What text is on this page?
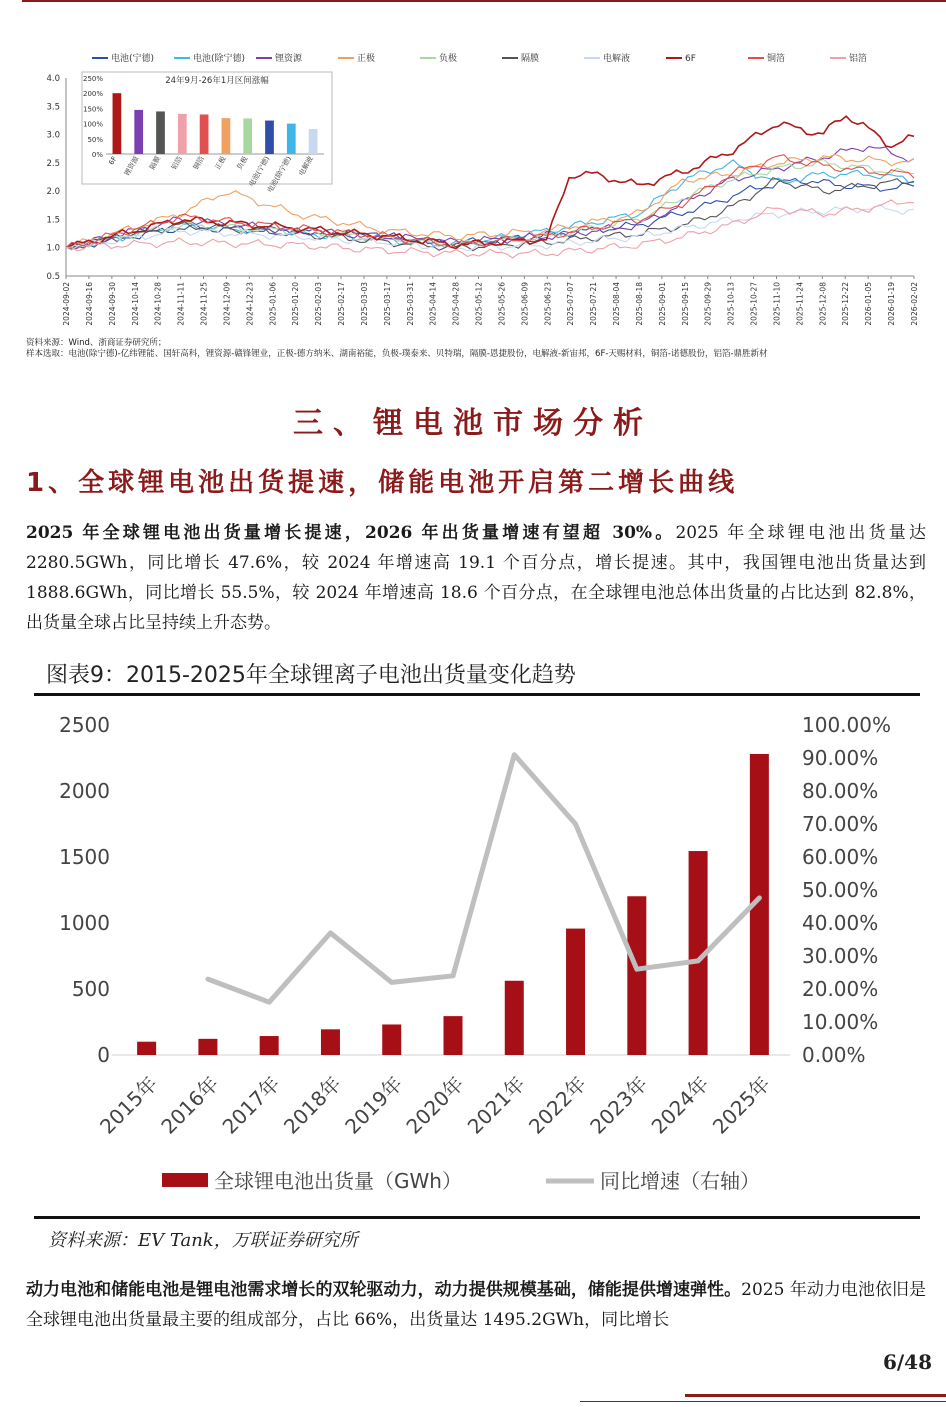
4.0
3.5
3.0
2.5
2.0
1.5
1.0
0.5
2024-09-02 2024-09-16 2024-09-30 2024-10-14 2024-10-28 2024-11-11 2024-11-25 2024-12-09 2024-12-23 2025-01-06 2025-01-20 2025-02-03 2025-02-17 2025-03-03 2025-03-17 2025-03-31 2025-04-14 2025-04-28 2025-05-12 2025-05-26 2025-06-09 2025-06-23 2025-07-07 2025-07-21 2025-08-04 2025-08-18 2025-09-01 2025-09-15 2025-09-29 2025-10-13 2025-10-27 2025-11-10 2025-11-24 2025-12-08 2025-12-22 2026-01-05 2026-01-19 2026-02-02
电池(宁德)	电池(除宁德)	锂资源	正极	负极	隔膜	电解液	6F	铜箔	铝箔
24年9月-26年1月区间涨幅
250%
200%
150%
100%
50%
0% 6F 锂资源 隔膜 铝箔 铜箔 正极 负极
电池(宁德)
电池(除宁德) 电解液
资料来源：Wind、浙商证券研究所；
样本选取：电池(除宁德)-亿纬锂能、国轩高科，锂资源-赣锋锂业，正极-德方纳米、湖南裕能，负极-璞泰来、贝特瑞，隔膜-恩捷股份，电解液-新宙邦，6F-天赐材料，铜箔-诺德股份，铝箔-鼎胜新材
三、锂电池市场分析
1、全球锂电池出货提速，储能电池开启第二增长曲线
2025 年全球锂电池出货量增长提速，2026 年出货量增速有望超 30%。2025 年全球锂电池出货量达 2280.5GWh，同比增长 47.6%，较 2024 年增速高 19.1 个百分点，增长提速。其中，我国锂电池出货量达到 1888.6GWh，同比增长 55.5%，较 2024 年增速高 18.6 个百分点，在全球锂电池总体出货量的占比达到 82.8%，出货量全球占比呈持续上升态势。
图表9：2015-2025年全球锂离子电池出货量变化趋势
2500
2000
1500
1000
500
0
100.00%
90.00%
80.00%
70.00%
60.00%
50.00%
40.00%
30.00%
20.00%
10.00%
0.00%
2015年
2016年
2017年
2018年
2019年
2020年
2021年
2022年
2023年
2024年
2025年
全球锂电池出货量（GWh）	同比增速（右轴）
资料来源：EV Tank，万联证券研究所
动力电池和储能电池是锂电池需求增长的双轮驱动力，动力提供规模基础，储能提供增速弹性。2025 年动力电池依旧是全球锂电池出货量最主要的组成部分，占比 66%，出货量达 1495.2GWh，同比增长
6/48
